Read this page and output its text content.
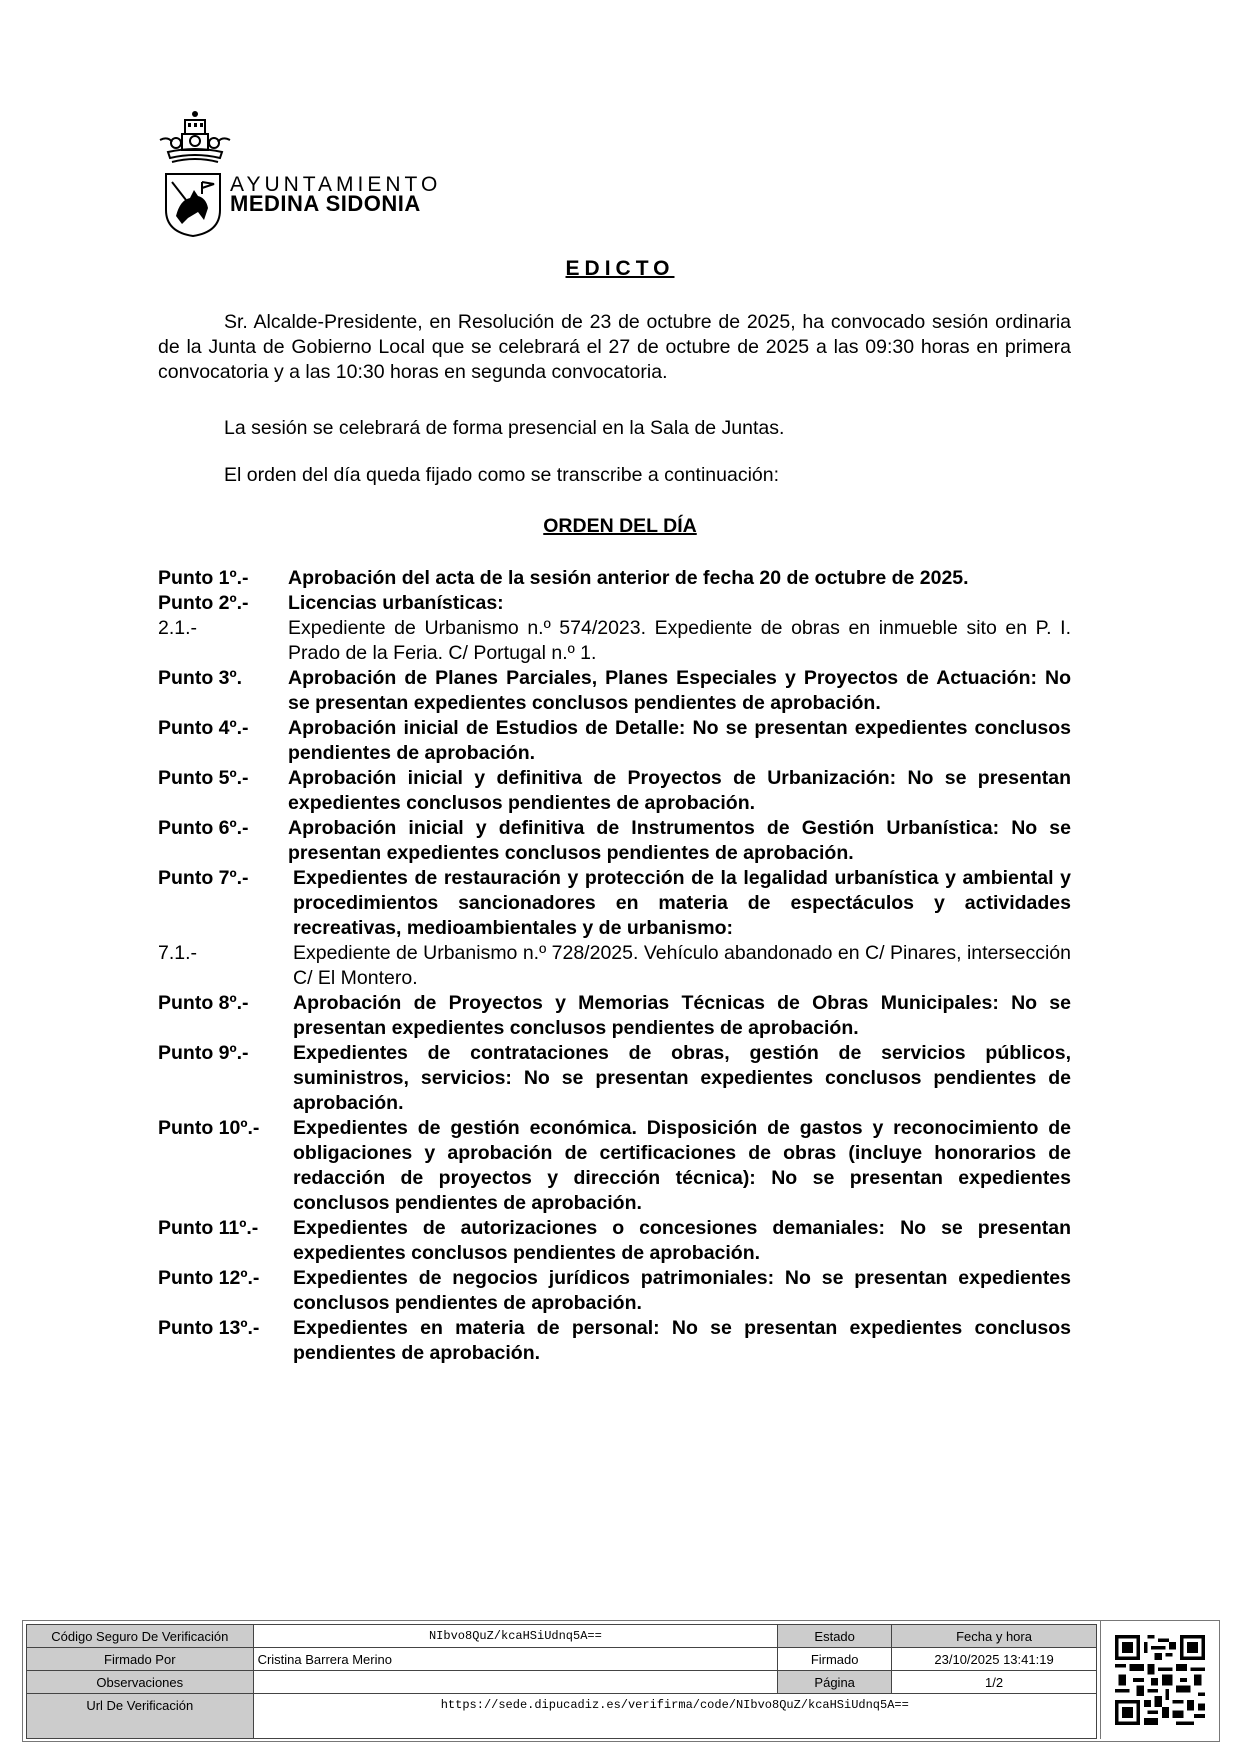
AYUNTAMIENTO
MEDINA SIDONIA
EDICTO
Sr. Alcalde-Presidente, en Resolución de 23 de octubre de 2025, ha convocado sesión ordinaria de la Junta de Gobierno Local que se celebrará el 27 de octubre de 2025 a las 09:30 horas en primera convocatoria y a las 10:30 horas en segunda convocatoria.
La sesión se celebrará de forma presencial en la Sala de Juntas.
El orden del día queda fijado como se transcribe a continuación:
ORDEN DEL DÍA
Punto 1º.-	Aprobación del acta de la sesión anterior de fecha 20 de octubre de 2025.
Punto 2º.-	Licencias urbanísticas:
2.1.-	Expediente de Urbanismo n.º 574/2023. Expediente de obras en inmueble sito en P. I. Prado de la Feria. C/ Portugal n.º 1.
Punto 3º.	Aprobación de Planes Parciales, Planes Especiales y Proyectos de Actuación: No se presentan expedientes conclusos pendientes de aprobación.
Punto 4º.-	Aprobación inicial de Estudios de Detalle: No se presentan expedientes conclusos pendientes de aprobación.
Punto 5º.-	Aprobación inicial y definitiva de Proyectos de Urbanización: No se presentan expedientes conclusos pendientes de aprobación.
Punto 6º.-	Aprobación inicial y definitiva de Instrumentos de Gestión Urbanística: No se presentan expedientes conclusos pendientes de aprobación.
Punto 7º.-	Expedientes de restauración y protección de la legalidad urbanística y ambiental y procedimientos sancionadores en materia de espectáculos y actividades recreativas, medioambientales y de urbanismo:
7.1.-	Expediente de Urbanismo n.º 728/2025. Vehículo abandonado en C/ Pinares, intersección C/ El Montero.
Punto 8º.-	Aprobación de Proyectos y Memorias Técnicas de Obras Municipales: No se presentan expedientes conclusos pendientes de aprobación.
Punto 9º.-	Expedientes de contrataciones de obras, gestión de servicios públicos, suministros, servicios: No se presentan expedientes conclusos pendientes de aprobación.
Punto 10º.-	Expedientes de gestión económica. Disposición de gastos y reconocimiento de obligaciones y aprobación de certificaciones de obras (incluye honorarios de redacción de proyectos y dirección técnica): No se presentan expedientes conclusos pendientes de aprobación.
Punto 11º.-	Expedientes de autorizaciones o concesiones demaniales: No se presentan expedientes conclusos pendientes de aprobación.
Punto 12º.-	Expedientes de negocios jurídicos patrimoniales: No se presentan expedientes conclusos pendientes de aprobación.
Punto 13º.-	Expedientes en materia de personal: No se presentan expedientes conclusos pendientes de aprobación.
Código Seguro De Verificación	NIbvo8QuZ/kcaHSiUdnq5A==	Estado	Fecha y hora
Firmado Por	Cristina Barrera Merino	Firmado	23/10/2025 13:41:19
Observaciones		Página	1/2
Url De Verificación	https://sede.dipucadiz.es/verifirma/code/NIbvo8QuZ/kcaHSiUdnq5A==		
